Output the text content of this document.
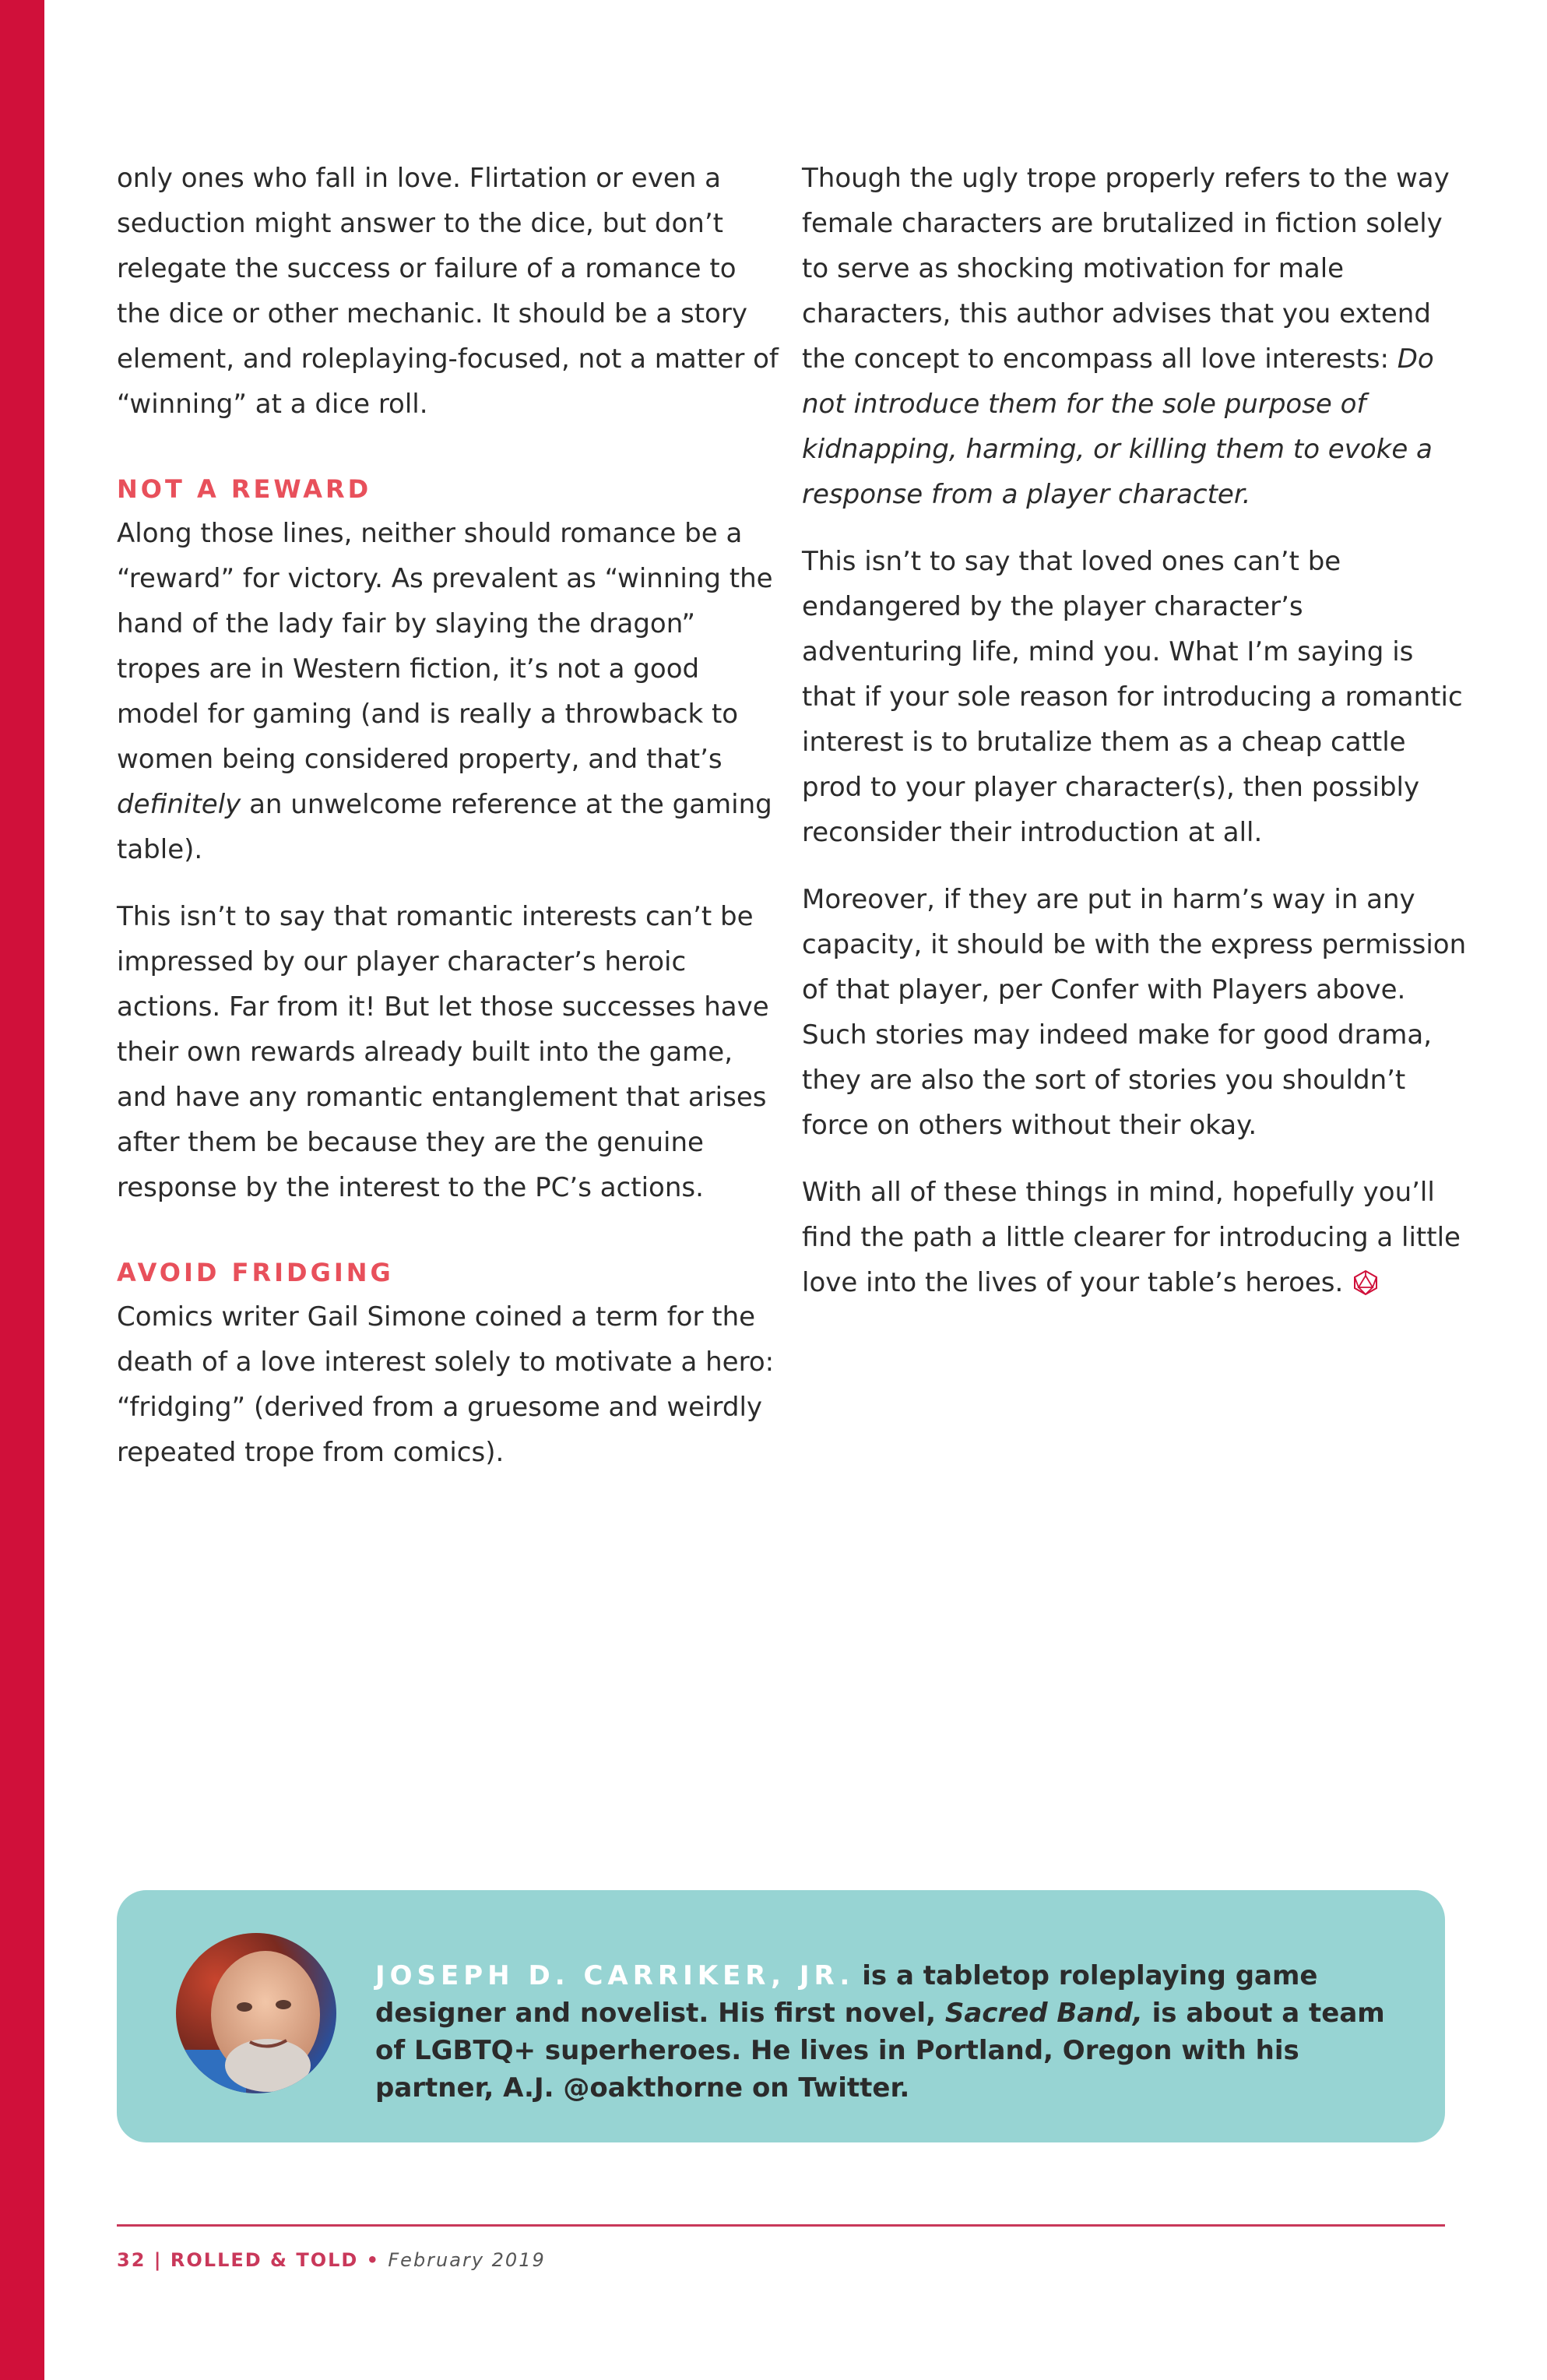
only ones who fall in love. Flirtation or even a seduction might answer to the dice, but don’t relegate the success or failure of a romance to the dice or other mechanic. It should be a story element, and roleplaying-focused, not a matter of “winning” at a dice roll.

NOT A REWARD

Along those lines, neither should romance be a “reward” for victory. As prevalent as “winning the hand of the lady fair by slaying the dragon” tropes are in Western fiction, it’s not a good model for gaming (and is really a throwback to women being considered property, and that’s definitely an unwelcome reference at the gaming table).

This isn’t to say that romantic interests can’t be impressed by our player character’s heroic actions. Far from it! But let those successes have their own rewards already built into the game, and have any romantic entanglement that arises after them be because they are the genuine response by the interest to the PC’s actions.

AVOID FRIDGING

Comics writer Gail Simone coined a term for the death of a love interest solely to motivate a hero: “fridging” (derived from a gruesome and weirdly repeated trope from comics).

Though the ugly trope properly refers to the way female characters are brutalized in fiction solely to serve as shocking motivation for male characters, this author advises that you extend the concept to encompass all love interests: Do not introduce them for the sole purpose of kidnapping, harming, or killing them to evoke a response from a player character.

This isn’t to say that loved ones can’t be endangered by the player character’s adventuring life, mind you. What I’m saying is that if your sole reason for introducing a romantic interest is to brutalize them as a cheap cattle prod to your player character(s), then possibly reconsider their introduction at all.

Moreover, if they are put in harm’s way in any capacity, it should be with the express permission of that player, per Confer with Players above. Such stories may indeed make for good drama, they are also the sort of stories you shouldn’t force on others without their okay.

With all of these things in mind, hopefully you’ll find the path a little clearer for introducing a little love into the lives of your table’s heroes.

JOSEPH D. CARRIKER, JR. is a tabletop roleplaying game designer and novelist. His first novel, Sacred Band, is about a team of LGBTQ+ superheroes. He lives in Portland, Oregon with his partner, A.J. @oakthorne on Twitter.
32 | ROLLED & TOLD • February 2019
